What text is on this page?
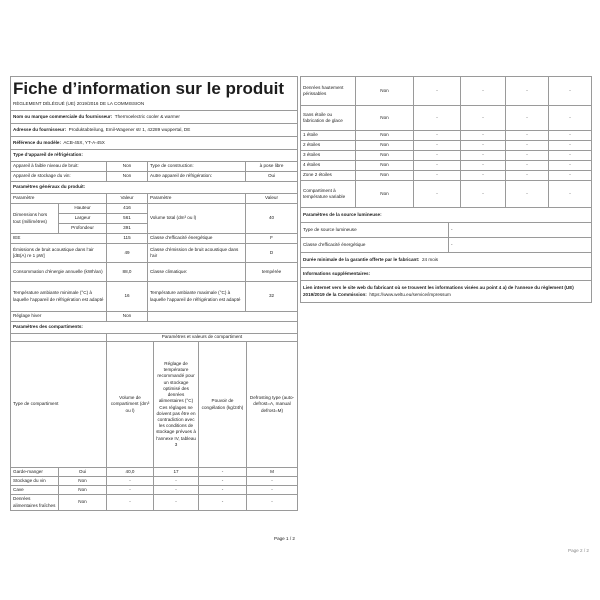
Fiche d’information sur le produit				
RÈGLEMENT DÉLÉGUÉ (UE) 2019/2016 DE LA COMMISSION				
Nom ou marque commerciale du fournisseur: Thermoelectric cooler & warmer				
Adresse du fournisseur: Produktabteilung, Emil-Wagener str 1, 42289 wuppertal, DE				
Référence du modèle: ACB-45X, YT-A-45X				
Type d’appareil de réfrigération:				
Appareil à faible niveau de bruit:		Non	Type de construction:	à pose libre
Appareil de stockage du vin:		Non	Autre appareil de réfrigération:	Oui
Paramètres généraux du produit:				
Paramètre		Valeur	Paramètre	Valeur
Dimensions hors tout (millimètres)	Hauteur	416	Volume total (dm³ ou l)	40
	Largeur	561		
	Profondeur	391		
IEE		115	Classe d’efficacité énergétique	F
Émissions de bruit acoustique dans l’air [dB(A) re 1 pW]		49	Classe d’émission de bruit acoustique dans l’air	D
Consommation d’énergie annuelle (kWh/an)		88,0	Classe climatique:	tempérée
Température ambiante minimale (°C) à laquelle l’appareil de réfrigération est adapté		16	Température ambiante maximale (°C) à laquelle l’appareil de réfrigération est adapté	32
Réglage hiver		Non		
Paramètres des compartiments:				
		Paramètres et valeurs de compartiment			
Type de compartiment		Volume de compartiment (dm³ ou l)	Réglage de température recommandé pour un stockage optimisé des denrées alimentaires (°C) Ces réglages ne doivent pas être en contradiction avec les conditions de stockage prévues à l’annexe IV, tableau 3	Pouvoir de congélation (kg/24h)	Defrosting type (auto-defrost=A, manual defrost=M)
Garde-manger	Oui	40,0	17	-	M
Stockage du vin	Non	-	-	-	-
Cave	Non	-	-	-	-
Denrées alimentaires fraîches	Non	-	-	-	-
Denrées hautement périssables	Non	-	-	-	-
Sans étoile ou fabrication de glace	Non	-	-	-	-
1 étoile	Non	-	-	-	-
2 étoiles	Non	-	-	-	-
3 étoiles	Non	-	-	-	-
4 étoiles	Non	-	-	-	-
Zone 2 étoiles	Non	-	-	-	-
Compartiment à température variable	Non	-	-	-	-
Paramètres de la source lumineuse:	
Type de source lumineuse	-
Classe d’efficacité énergétique	-
Durée minimale de la garantie offerte par le fabricant: 24 mois	
Informations supplémentaires:	
Lien internet vers le site web du fabricant où se trouvent les informations visées au point 4 a) de l’annexe du règlement (UE) 2019/2019 de la Commission: https://www.weltu.eu/service/impressum	
Page 1 / 2
Page 2 / 2
